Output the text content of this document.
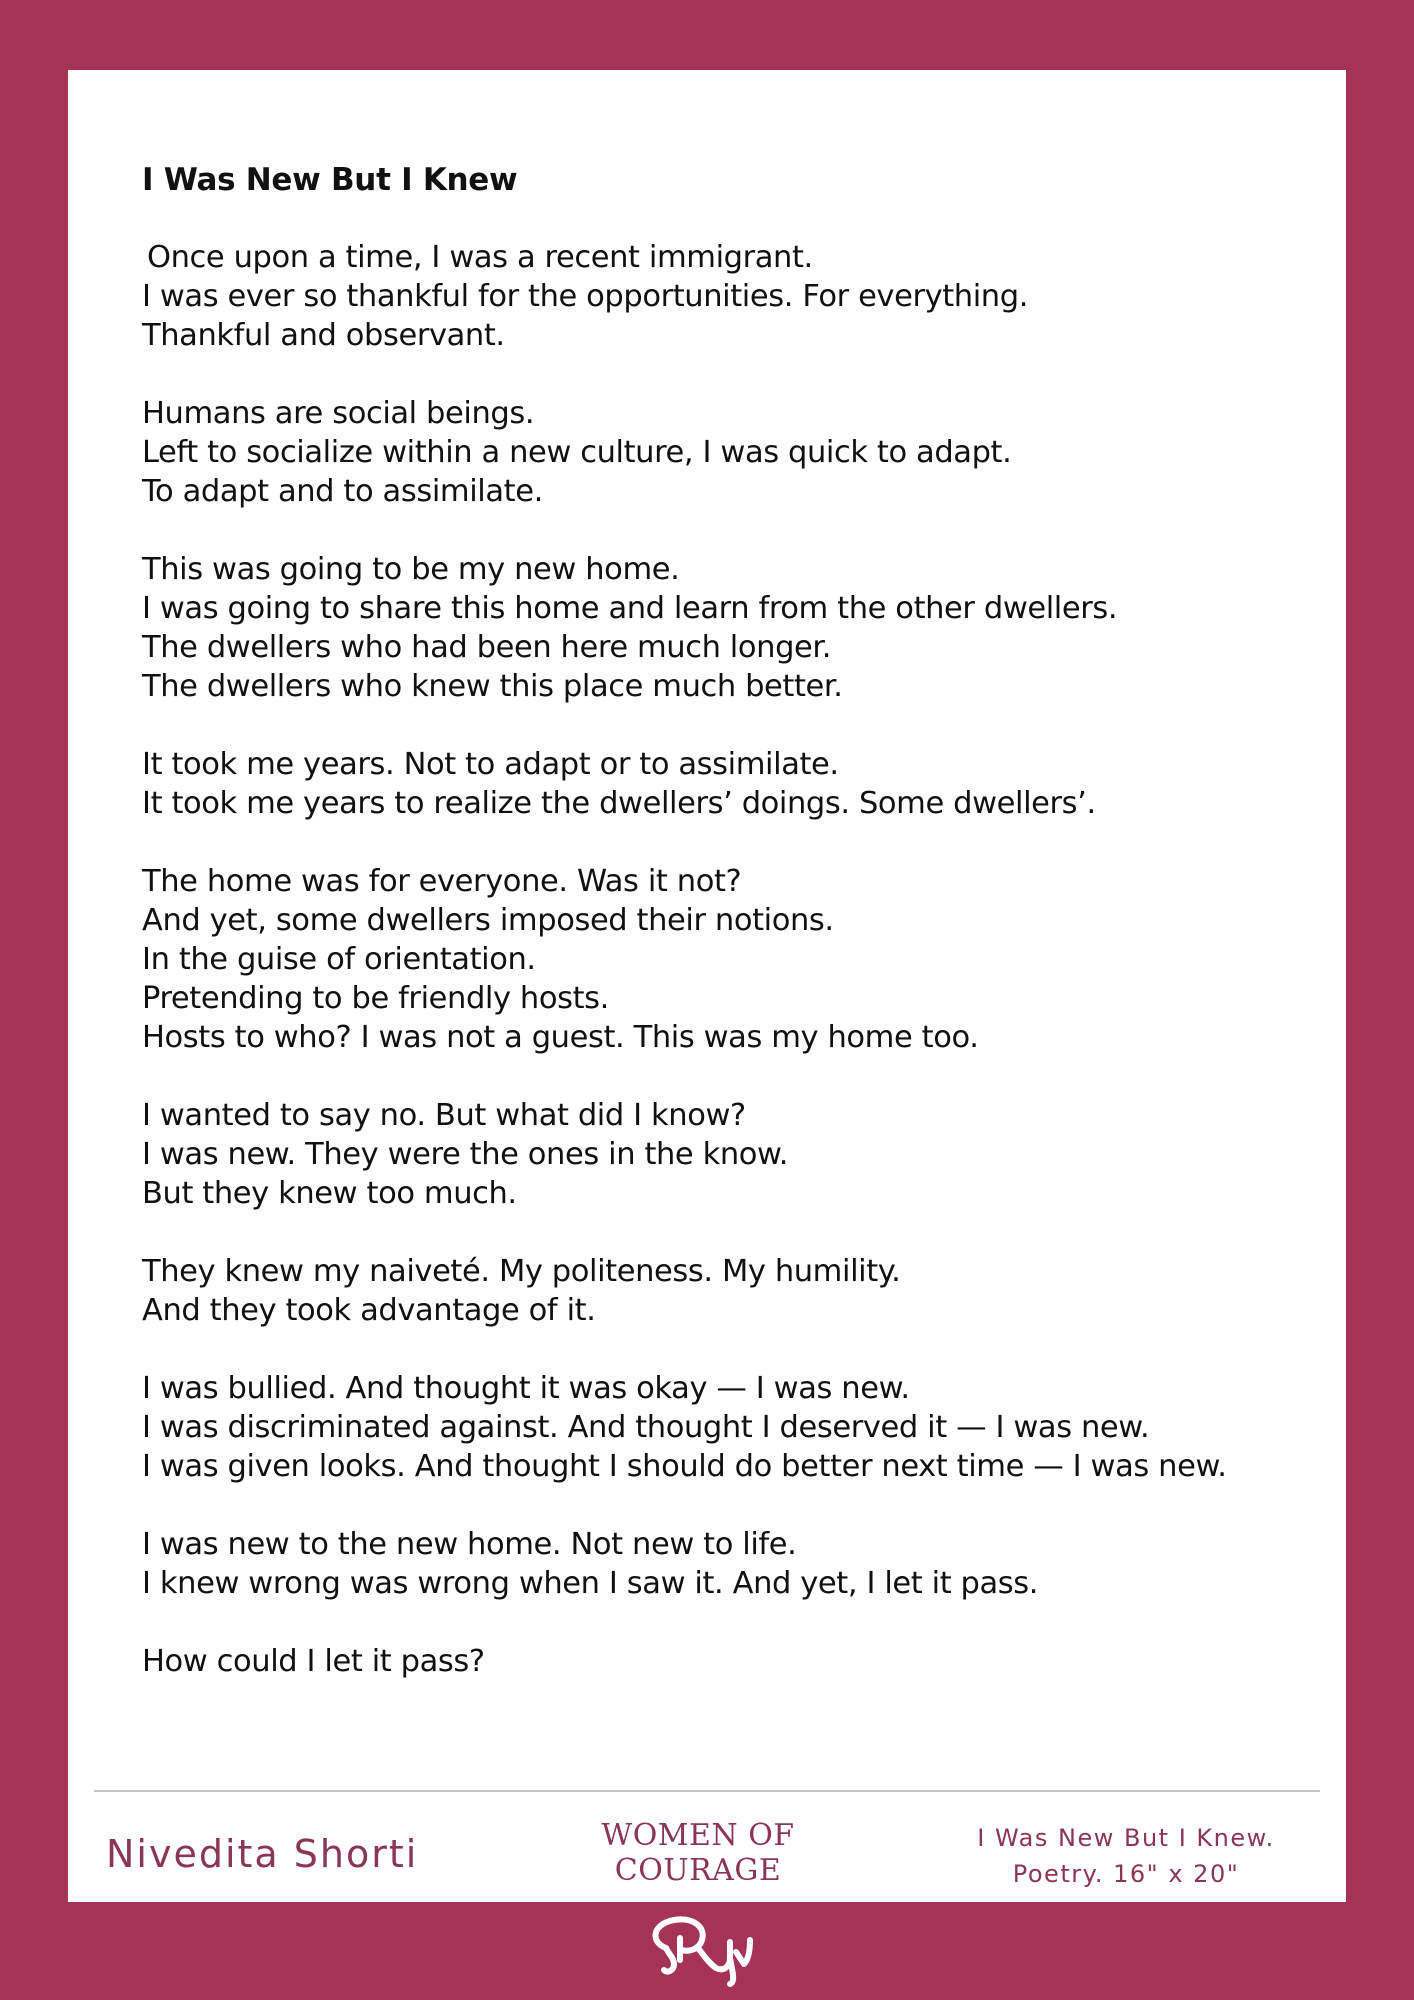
I Was New But I Knew
Once upon a time, I was a recent immigrant.
I was ever so thankful for the opportunities. For everything.
Thankful and observant.
Humans are social beings.
Left to socialize within a new culture, I was quick to adapt.
To adapt and to assimilate.
This was going to be my new home.
I was going to share this home and learn from the other dwellers.
The dwellers who had been here much longer.
The dwellers who knew this place much better.
It took me years. Not to adapt or to assimilate.
It took me years to realize the dwellers’ doings. Some dwellers’.
The home was for everyone. Was it not?
And yet, some dwellers imposed their notions.
In the guise of orientation.
Pretending to be friendly hosts.
Hosts to who? I was not a guest. This was my home too.
I wanted to say no. But what did I know?
I was new. They were the ones in the know.
But they knew too much.
They knew my naiveté. My politeness. My humility.
And they took advantage of it.
I was bullied. And thought it was okay — I was new.
I was discriminated against. And thought I deserved it — I was new.
I was given looks. And thought I should do better next time — I was new.
I was new to the new home. Not new to life.
I knew wrong was wrong when I saw it. And yet, I let it pass.
How could I let it pass?
Nivedita Shorti	WOMEN OF
COURAGE
I Was New But I Knew.
Poetry. 16" x 20"
